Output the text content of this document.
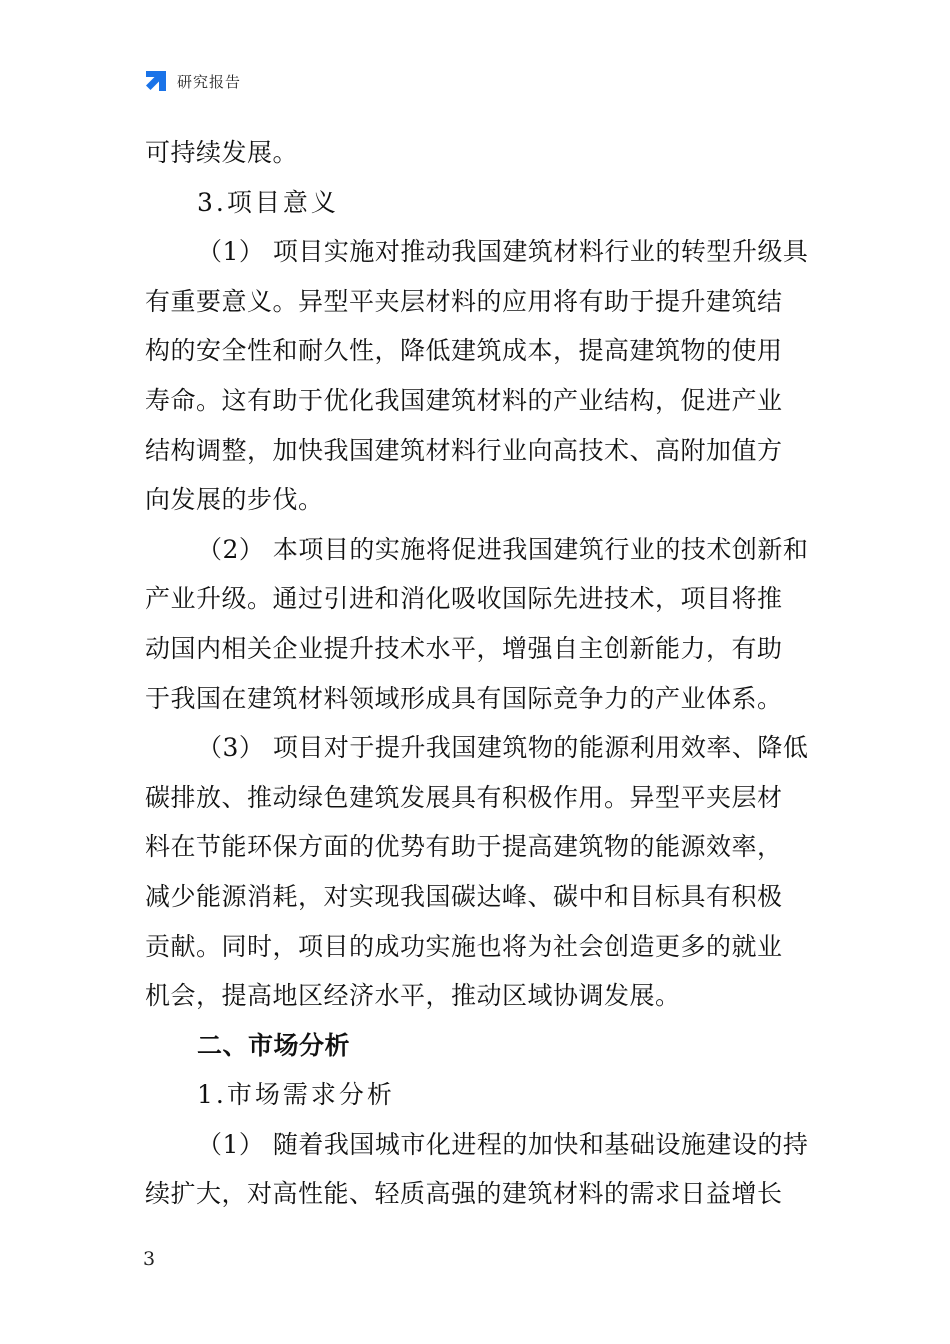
研究报告
可持续发展。
3.项目意义
（1） 项目实施对推动我国建筑材料行业的转型升级具
有重要意义。异型平夹层材料的应用将有助于提升建筑结
构的安全性和耐久性，降低建筑成本，提高建筑物的使用
寿命。这有助于优化我国建筑材料的产业结构，促进产业
结构调整，加快我国建筑材料行业向高技术、高附加值方
向发展的步伐。
（2） 本项目的实施将促进我国建筑行业的技术创新和
产业升级。通过引进和消化吸收国际先进技术，项目将推
动国内相关企业提升技术水平，增强自主创新能力，有助
于我国在建筑材料领域形成具有国际竞争力的产业体系。
（3） 项目对于提升我国建筑物的能源利用效率、降低
碳排放、推动绿色建筑发展具有积极作用。异型平夹层材
料在节能环保方面的优势有助于提高建筑物的能源效率，
减少能源消耗，对实现我国碳达峰、碳中和目标具有积极
贡献。同时，项目的成功实施也将为社会创造更多的就业
机会，提高地区经济水平，推动区域协调发展。
二、市场分析
1.市场需求分析
（1） 随着我国城市化进程的加快和基础设施建设的持
续扩大，对高性能、轻质高强的建筑材料的需求日益增长
3
